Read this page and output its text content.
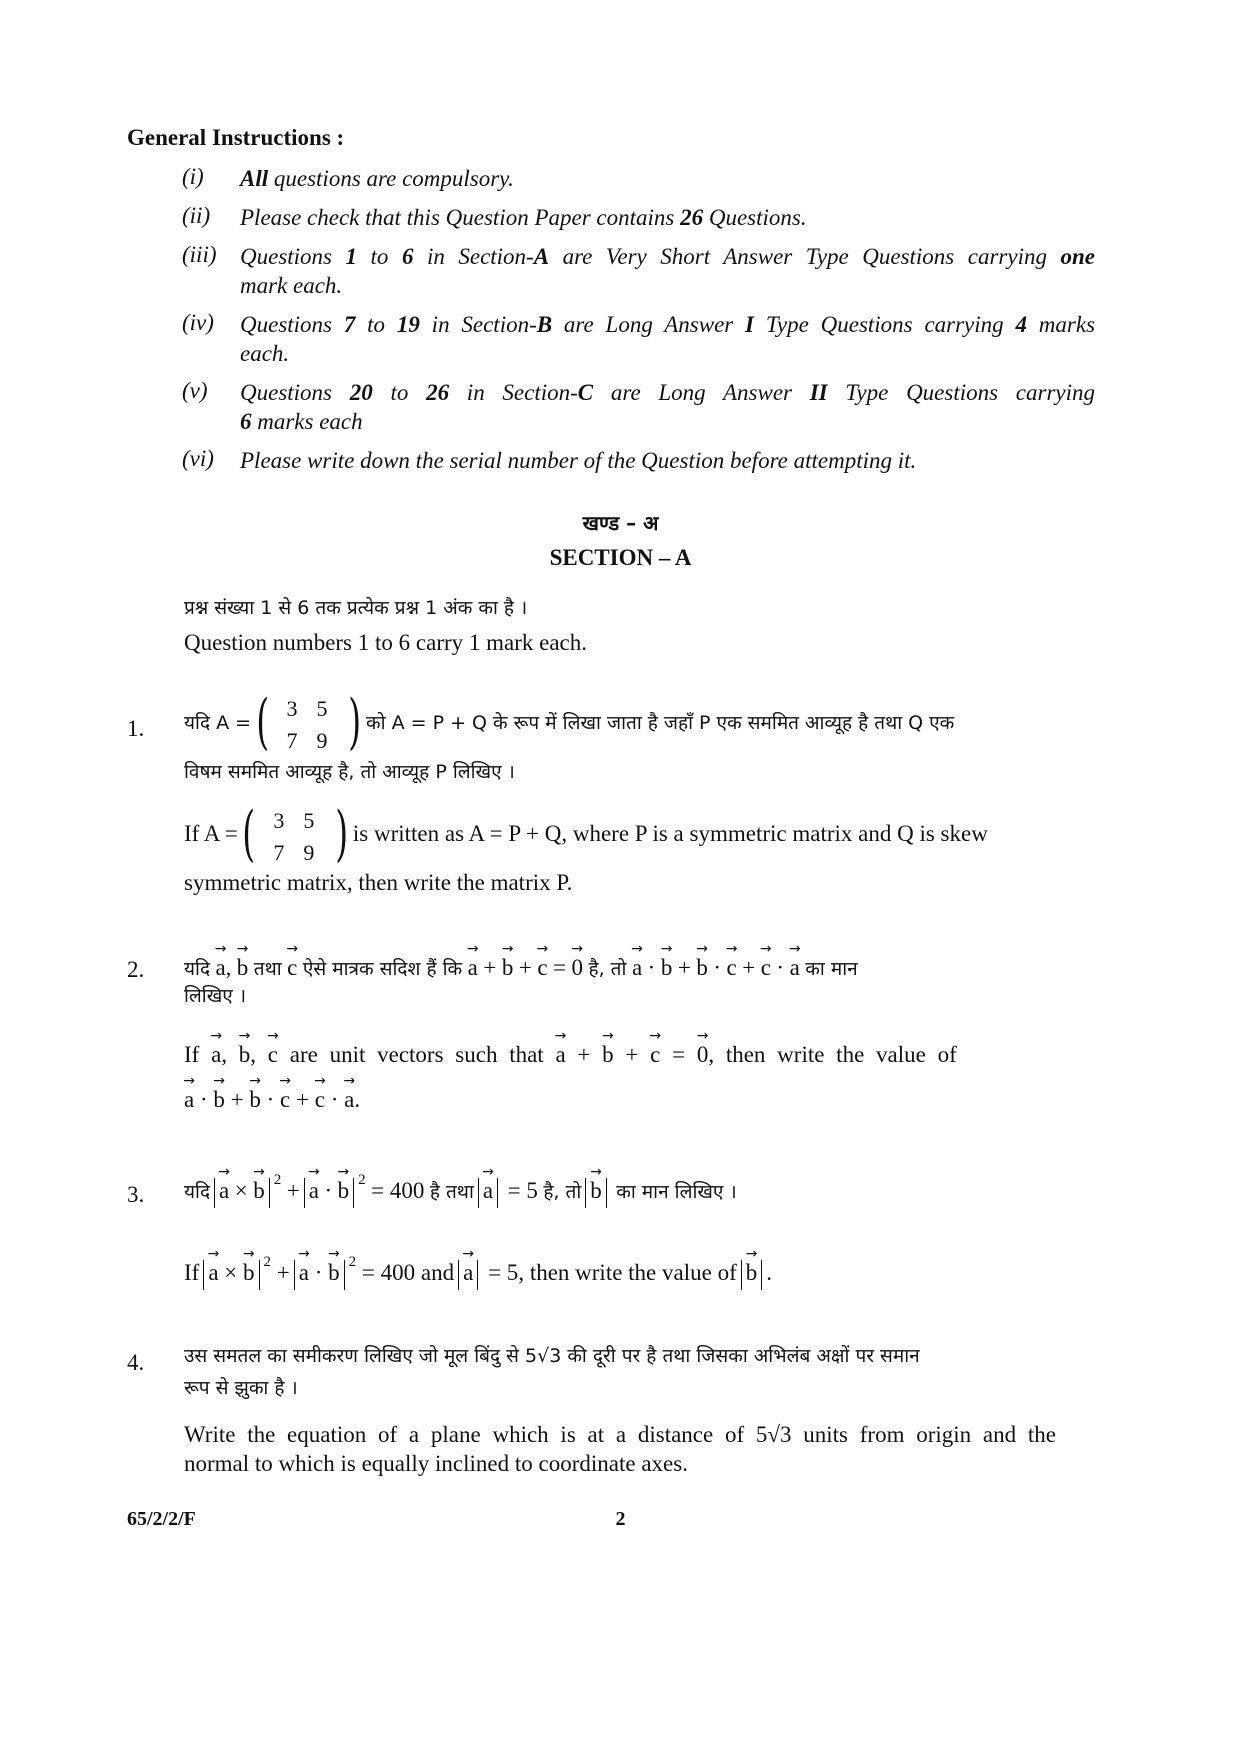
General Instructions :
(i) All questions are compulsory.
(ii) Please check that this Question Paper contains 26 Questions.
(iii) Questions 1 to 6 in Section-A are Very Short Answer Type Questions carrying one
mark each.
(iv) Questions 7 to 19 in Section-B are Long Answer I Type Questions carrying 4 marks
each.
(v) Questions 20 to 26 in Section-C are Long Answer II Type Questions carrying
6 marks each
(vi) Please write down the serial number of the Question before attempting it.
खण्ड – अ
SECTION – A
प्रश्न संख्या 1 से 6 तक प्रत्येक प्रश्न 1 अंक का है ।
Question numbers 1 to 6 carry 1 mark each.
1. यदि A = ( )
3 5
7 9
को A = P + Q के रूप में लिखा जाता है जहाँ P एक सममित आव्यूह है तथा Q एक
विषम सममित आव्यूह है, तो आव्यूह P लिखिए ।
If A = ( )
3 5
7 9
is written as A = P + Q, where P is a symmetric matrix and Q is skew
symmetric matrix, then write the matrix P.
2. यदि → a, → b तथा → c ऐसे मात्रक सदिश हैं कि → a + → b + → c = → 0 है, तो → a · → b + → b · → c + → c · → a का मान
लिखिए ।
If → a, → b, → c are unit vectors such that → a + → b + → c = → 0, then write the value of
→ a · → b + → b · → c + → c · → a.
3. यदि → a × → b $^2$ + → a · → b $^2$ = 400 है तथा → a = 5 है, तो → b का मान लिखिए ।
If → a × → b $^2$ + → a · → b $^2$ = 400 and → a = 5, then write the value of → b .
4. उस समतल का समीकरण लिखिए जो मूल बिंदु से 5√3 की दूरी पर है तथा जिसका अभिलंब अक्षों पर समान
रूप से झुका है ।
Write the equation of a plane which is at a distance of 5√3 units from origin and the
normal to which is equally inclined to coordinate axes.
65/2/2/F	2
